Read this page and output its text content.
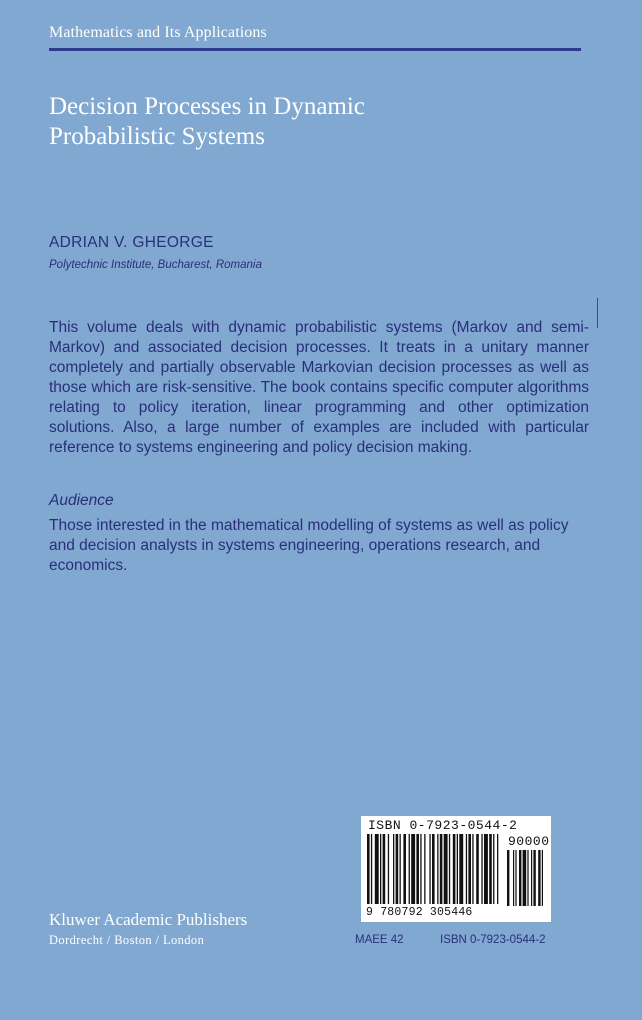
Mathematics and Its Applications
Decision Processes in Dynamic
Probabilistic Systems
ADRIAN V. GHEORGE
Polytechnic Institute, Bucharest, Romania

This volume deals with dynamic probabilistic systems (Markov and semi-Markov) and associated decision processes. It treats in a unitary manner completely and partially observable Markovian decision processes as well as those which are risk-sensitive. The book contains specific computer algorithms relating to policy iteration, linear programming and other optimization solutions. Also, a large number of examples are included with particular reference to systems engineering and policy decision making.

Audience

Those interested in the mathematical modelling of systems as well as policy and decision analysts in systems engineering, operations research, and economics.

ISBN 0-7923-0544-2
90000
9 780792 305446
Kluwer Academic Publishers
Dordrecht / Boston / London	MAEE 42	ISBN 0-7923-0544-2
